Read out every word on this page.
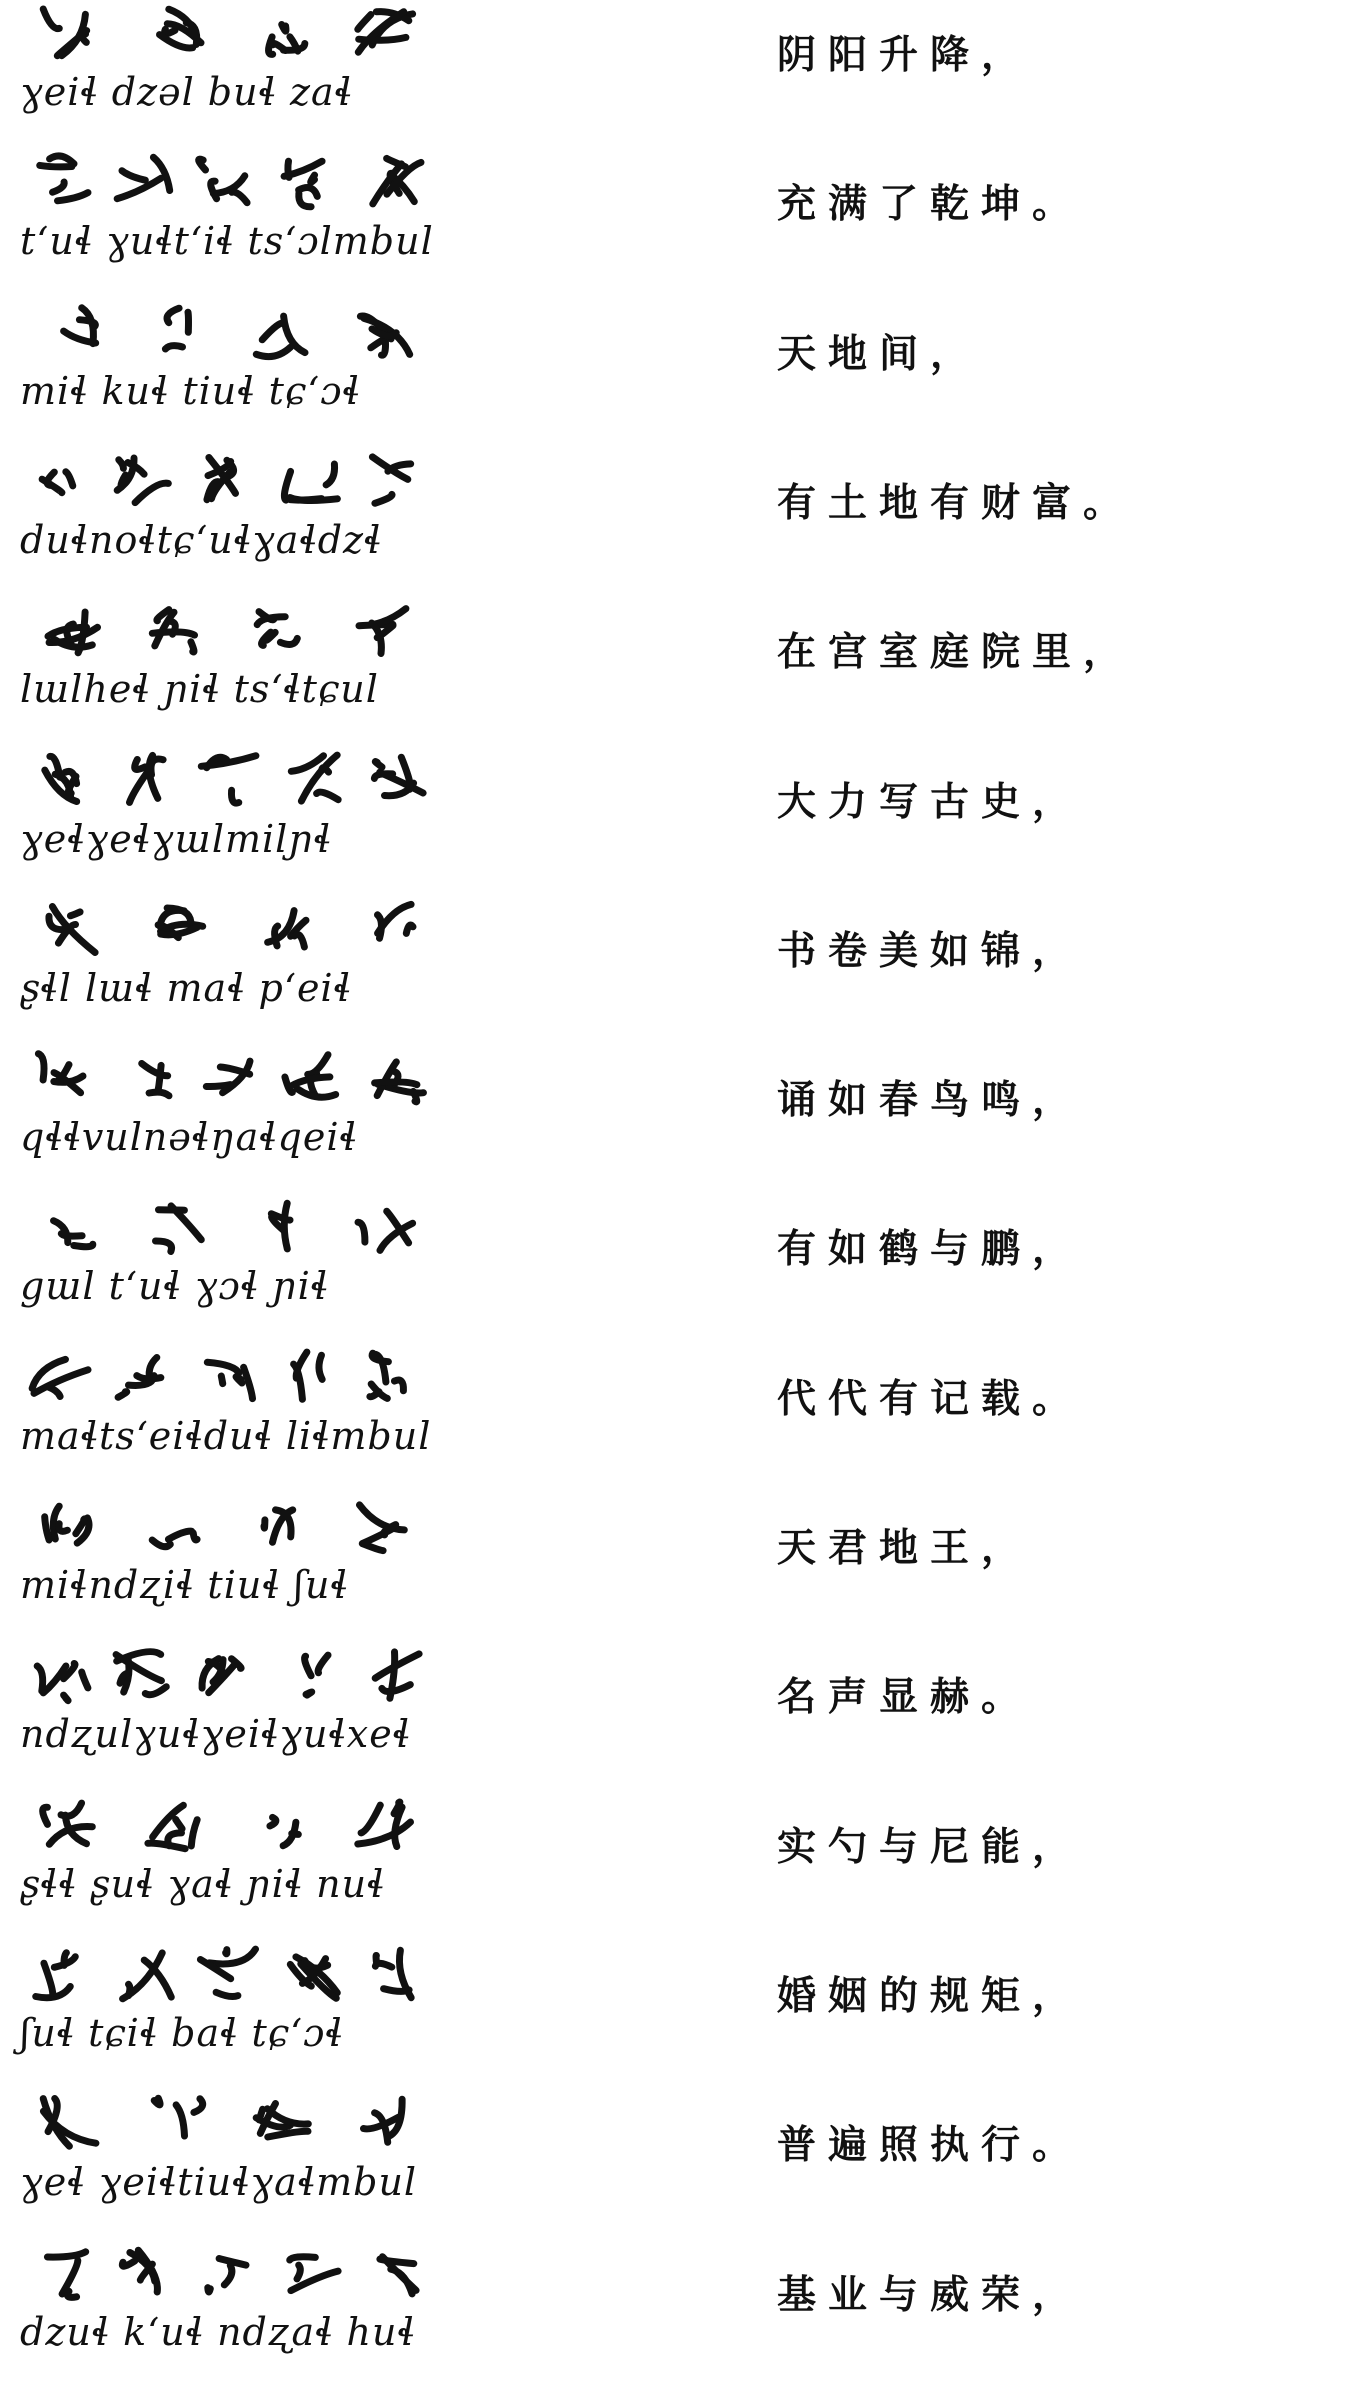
ɣeiɬ dzəl buɬ zaɬ
阴阳升降，
tʻuɬ ɣuɬtʻiɬ tsʻɔlmbul
充满了乾坤。
miɬ kuɬ tiuɬ tɕʻɔɬ
天地间，
duɬnoɬtɕʻuɬɣaɬdzɬ
有土地有财富。
lɯlheɬ ɲiɬ tsʻɬtɕul
在宫室庭院里，
ɣeɬɣeɬɣɯlmilɲɬ
大力写古史，
ʂɬl lɯɬ maɬ pʻeiɬ
书卷美如锦，
qɬɬvulnəɬŋaɬqeiɬ
诵如春鸟鸣，
gɯl tʻuɬ ɣɔɬ ɲiɬ
有如鹤与鹏，
maɬtsʻeiɬduɬ liɬmbul
代代有记载。
miɬndʐiɬ tiuɬ ʃuɬ
天君地王，
ndʐulɣuɬɣeiɬɣuɬxeɬ
名声显赫。
ʂɬɬ ʂuɬ ɣaɬ ɲiɬ nuɬ
实勺与尼能，
ʃuɬ tɕiɬ baɬ tɕʻɔɬ
婚姻的规矩，
ɣeɬ ɣeiɬtiuɬɣaɬmbul
普遍照执行。
dzuɬ kʻuɬ ndʐaɬ huɬ
基业与威荣，
